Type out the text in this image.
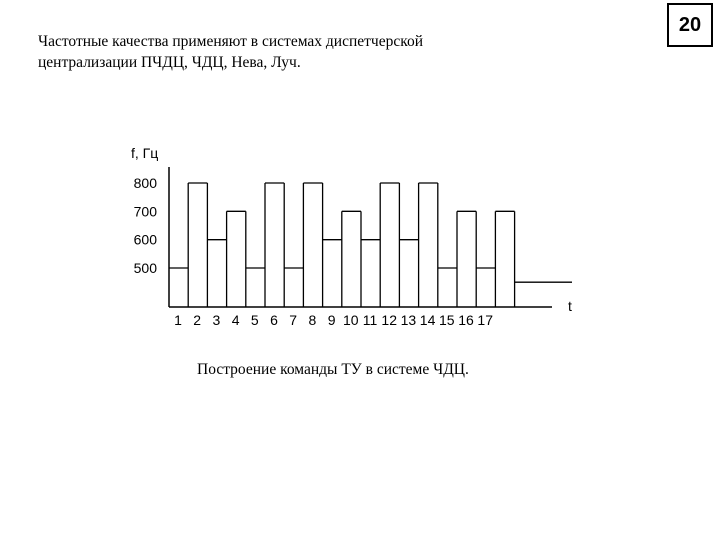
20

Частотные качества применяют в системах диспетчерской
централизации ПЧДЦ, ЧДЦ, Нева, Луч.

f, Гц
t
800
700
600
500
1 2 3 4 5 6 7 8 9 10 11 12 13 14 15 16 17

Построение команды ТУ в системе ЧДЦ.
